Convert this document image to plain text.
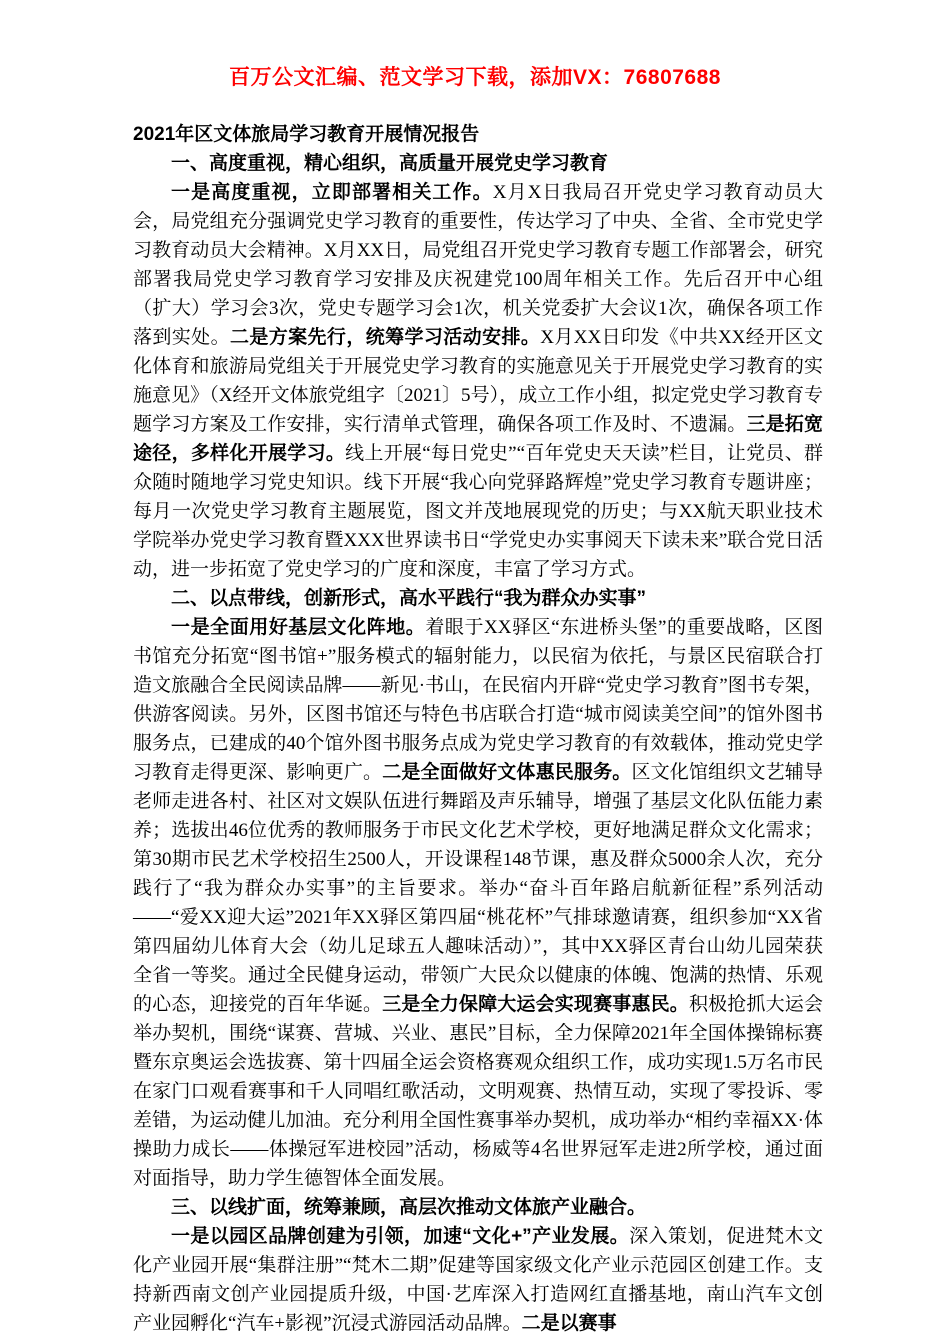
百万公文汇编、范文学习下载，添加VX：76807688

2021年区文体旅局学习教育开展情况报告

一、高度重视，精心组织，高质量开展党史学习教育

一是高度重视，立即部署相关工作。X月X日我局召开党史学习教育动员大会，局党组充分强调党史学习教育的重要性，传达学习了中央、全省、全市党史学习教育动员大会精神。X月XX日，局党组召开党史学习教育专题工作部署会，研究部署我局党史学习教育学习安排及庆祝建党100周年相关工作。先后召开中心组（扩大）学习会3次，党史专题学习会1次，机关党委扩大会议1次，确保各项工作落到实处。二是方案先行，统筹学习活动安排。X月XX日印发《中共XX经开区文化体育和旅游局党组关于开展党史学习教育的实施意见关于开展党史学习教育的实施意见》（X经开文体旅党组字〔2021〕5号），成立工作小组，拟定党史学习教育专题学习方案及工作安排，实行清单式管理，确保各项工作及时、不遗漏。三是拓宽途径，多样化开展学习。线上开展“每日党史”“百年党史天天读”栏目，让党员、群众随时随地学习党史知识。线下开展“我心向党驿路辉煌”党史学习教育专题讲座；每月一次党史学习教育主题展览，图文并茂地展现党的历史；与XX航天职业技术学院举办党史学习教育暨XXX世界读书日“学党史办实事阅天下读未来”联合党日活动，进一步拓宽了党史学习的广度和深度，丰富了学习方式。

二、以点带线，创新形式，高水平践行“我为群众办实事”

一是全面用好基层文化阵地。着眼于XX驿区“东进桥头堡”的重要战略，区图书馆充分拓宽“图书馆+”服务模式的辐射能力，以民宿为依托，与景区民宿联合打造文旅融合全民阅读品牌——新见·书山，在民宿内开辟“党史学习教育”图书专架，供游客阅读。另外，区图书馆还与特色书店联合打造“城市阅读美空间”的馆外图书服务点，已建成的40个馆外图书服务点成为党史学习教育的有效载体，推动党史学习教育走得更深、影响更广。二是全面做好文体惠民服务。区文化馆组织文艺辅导老师走进各村、社区对文娱队伍进行舞蹈及声乐辅导，增强了基层文化队伍能力素养；选拔出46位优秀的教师服务于市民文化艺术学校，更好地满足群众文化需求；第30期市民艺术学校招生2500人，开设课程148节课，惠及群众5000余人次，充分践行了“我为群众办实事”的主旨要求。举办“奋斗百年路启航新征程”系列活动——“爱XX迎大运”2021年XX驿区第四届“桃花杯”气排球邀请赛，组织参加“XX省第四届幼儿体育大会（幼儿足球五人趣味活动）”，其中XX驿区青台山幼儿园荣获全省一等奖。通过全民健身运动，带领广大民众以健康的体魄、饱满的热情、乐观的心态，迎接党的百年华诞。三是全力保障大运会实现赛事惠民。积极抢抓大运会举办契机，围绕“谋赛、营城、兴业、惠民”目标，全力保障2021年全国体操锦标赛暨东京奥运会选拔赛、第十四届全运会资格赛观众组织工作，成功实现1.5万名市民在家门口观看赛事和千人同唱红歌活动，文明观赛、热情互动，实现了零投诉、零差错，为运动健儿加油。充分利用全国性赛事举办契机，成功举办“相约幸福XX·体操助力成长——体操冠军进校园”活动，杨威等4名世界冠军走进2所学校，通过面对面指导，助力学生德智体全面发展。

三、以线扩面，统筹兼顾，高层次推动文体旅产业融合。

一是以园区品牌创建为引领，加速“文化+”产业发展。深入策划，促进梵木文化产业园开展“集群注册”“梵木二期”促建等国家级文化产业示范园区创建工作。支持新西南文创产业园提质升级，中国·艺库深入打造网红直播基地，南山汽车文创产业园孵化“汽车+影视”沉浸式游园活动品牌。二是以赛事
